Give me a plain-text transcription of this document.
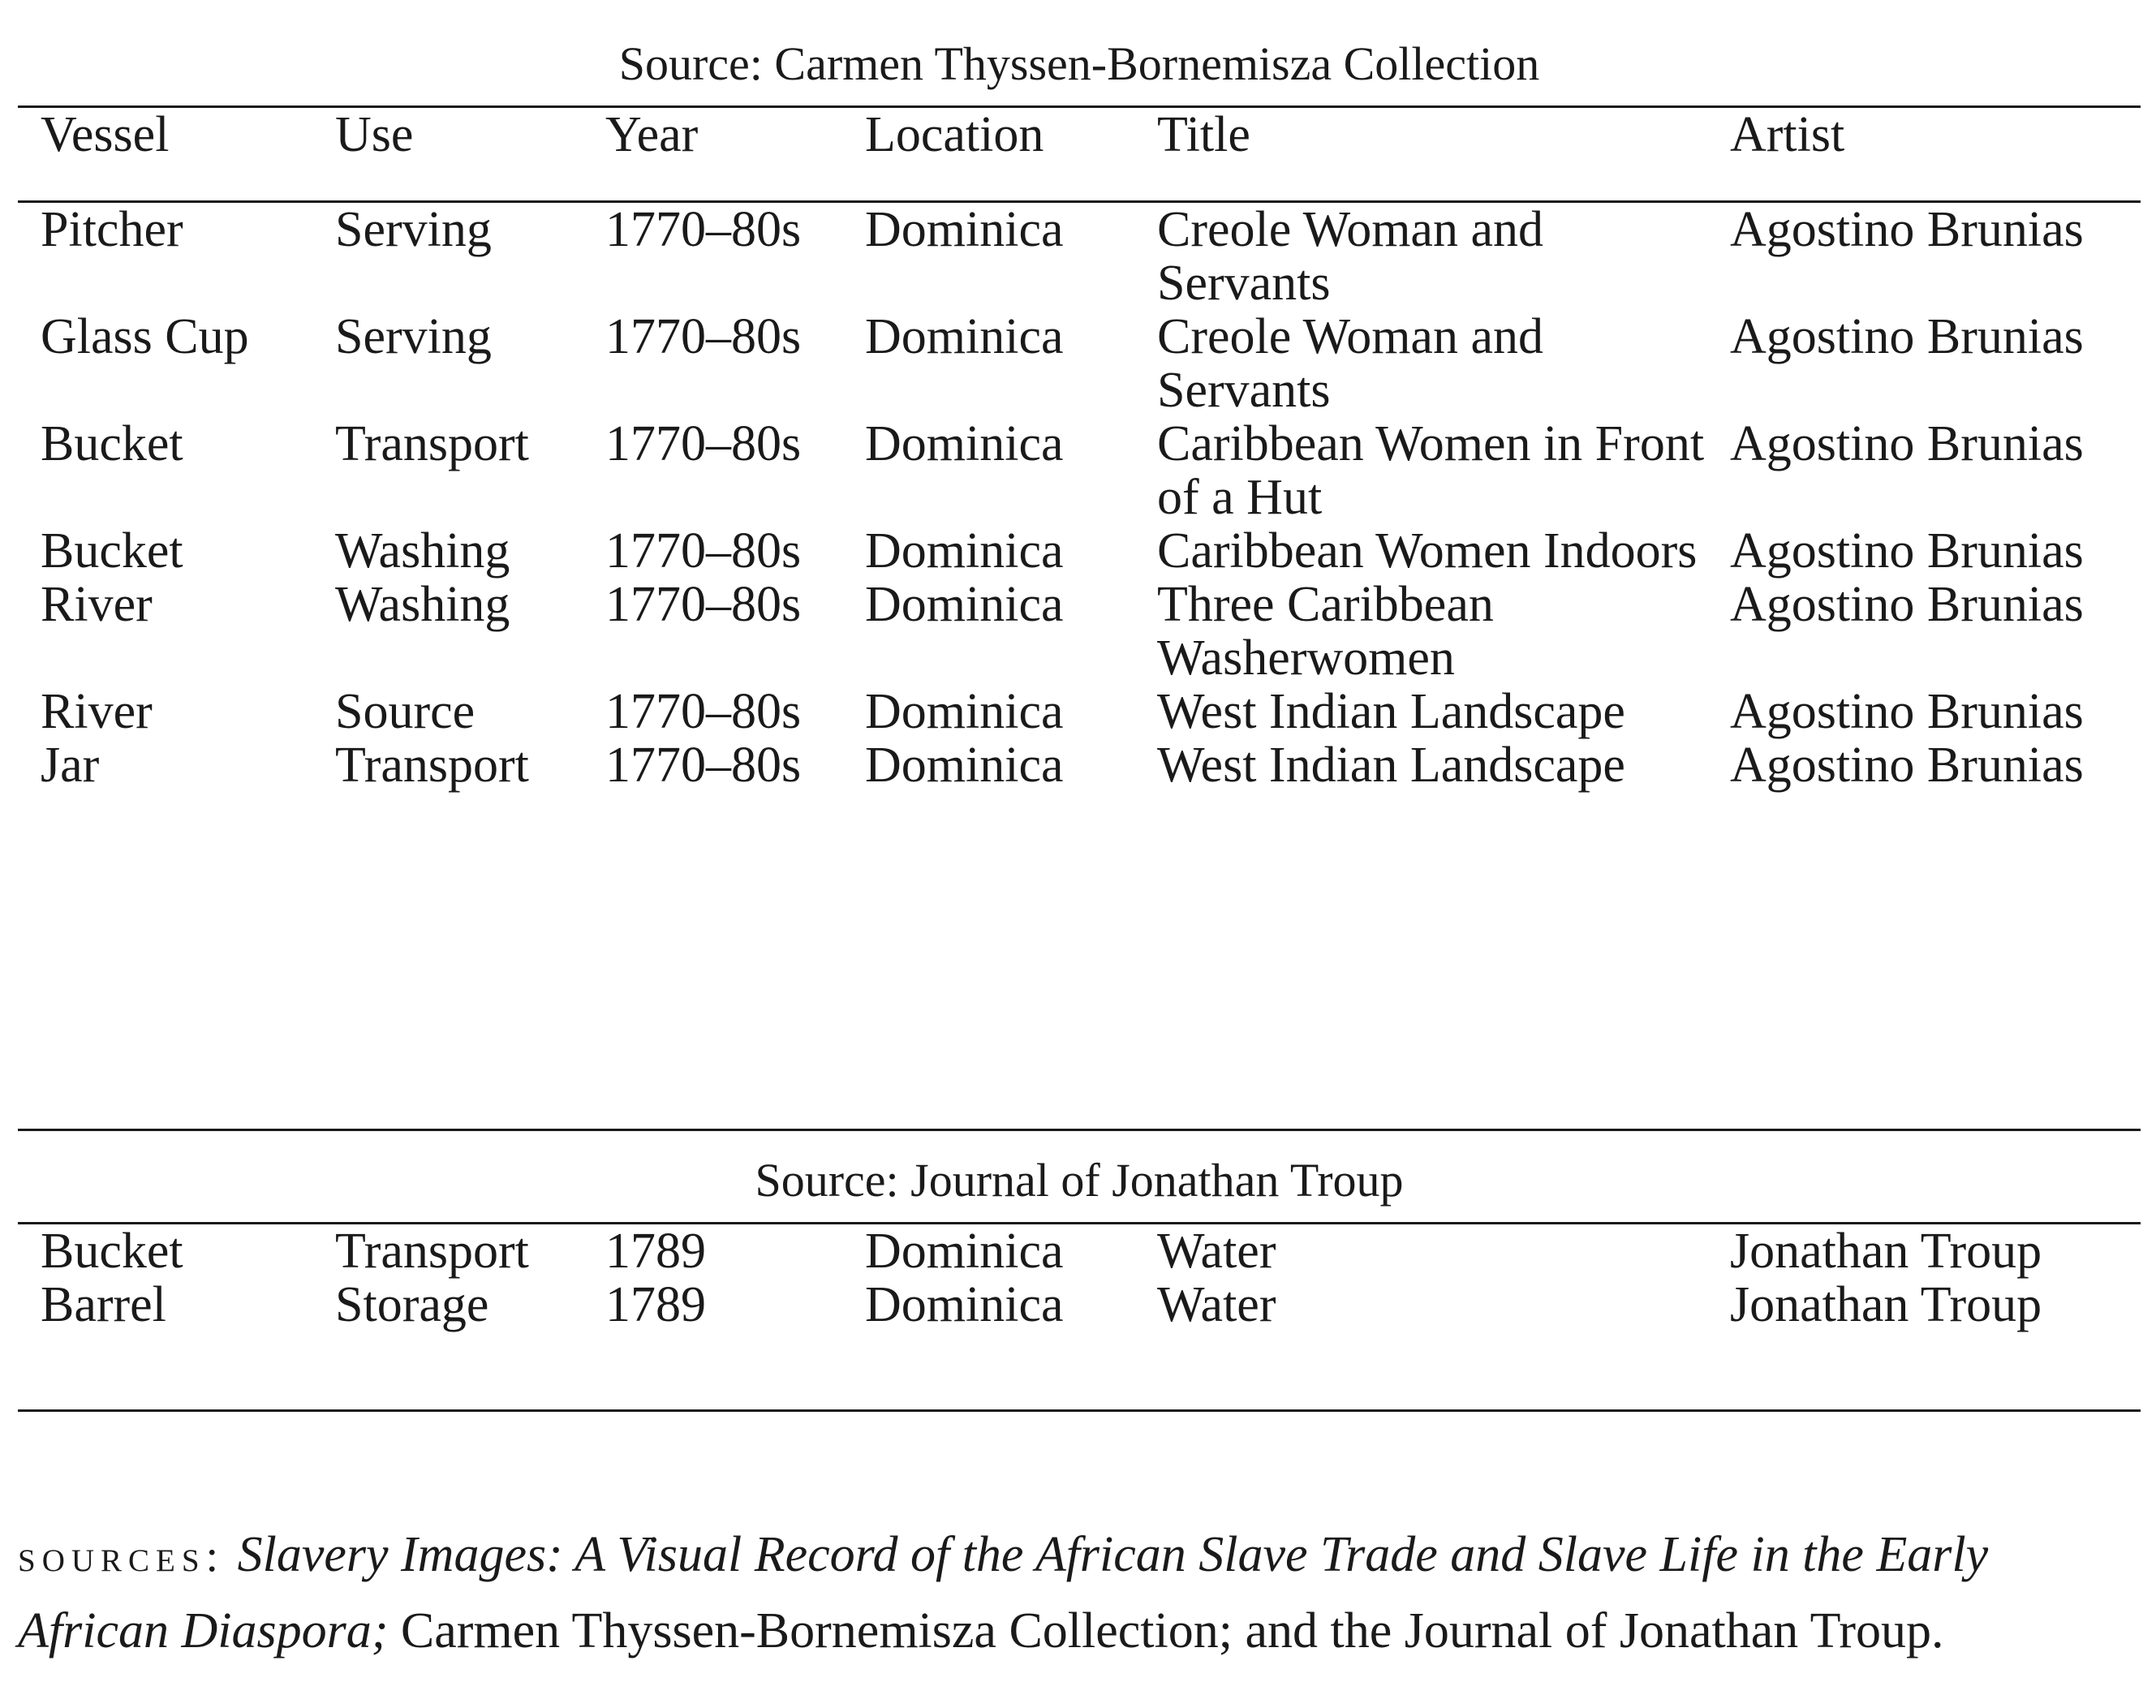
Source: Carmen Thyssen-Bornemisza Collection
Vessel	Use	Year	Location	Title	Artist
Pitcher	Serving	1770–80s	Dominica	Creole Woman and Servants	Agostino Brunias
Glass Cup	Serving	1770–80s	Dominica	Creole Woman and Servants	Agostino Brunias
Bucket	Transport	1770–80s	Dominica	Caribbean Women in Front of a Hut	Agostino Brunias
Bucket	Washing	1770–80s	Dominica	Caribbean Women Indoors	Agostino Brunias
River	Washing	1770–80s	Dominica	Three Caribbean Washerwomen	Agostino Brunias
River	Source	1770–80s	Dominica	West Indian Landscape	Agostino Brunias
Jar	Transport	1770–80s	Dominica	West Indian Landscape	Agostino Brunias
Source: Journal of Jonathan Troup
Bucket	Transport	1789	Dominica	Water	Jonathan Troup
Barrel	Storage	1789	Dominica	Water	Jonathan Troup

sources: Slavery Images: A Visual Record of the African Slave Trade and Slave Life in the Early African Diaspora; Carmen Thyssen-Bornemisza Collection; and the Journal of Jonathan Troup.
